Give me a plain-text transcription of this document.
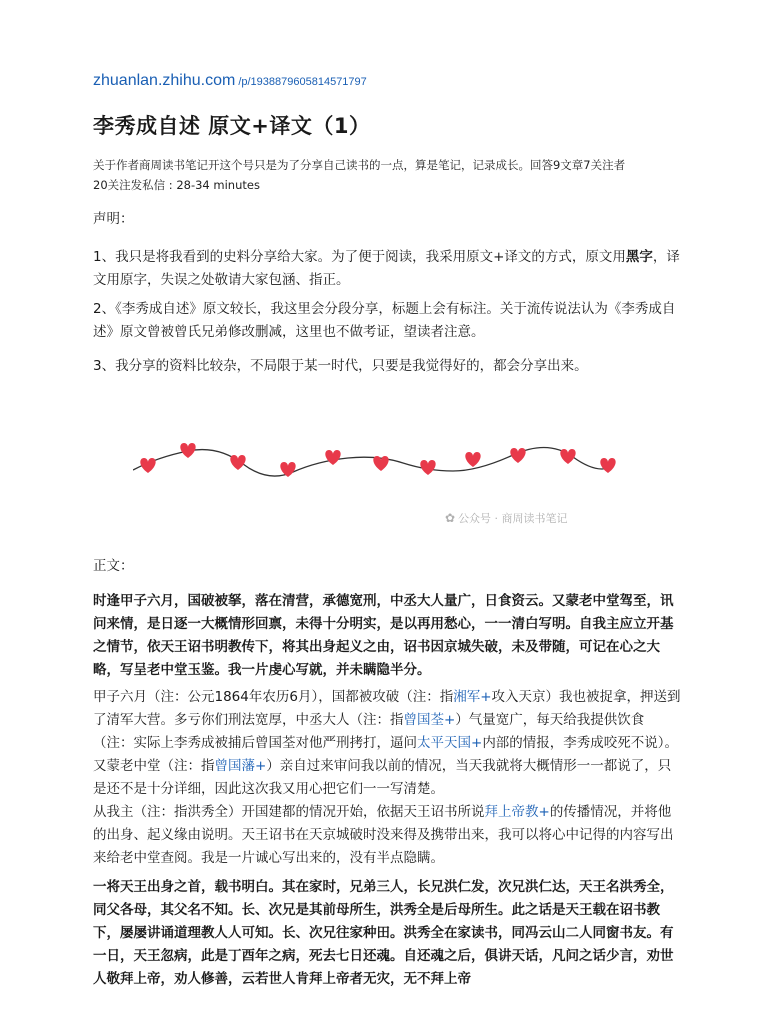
zhuanlan.zhihu.com /p/1938879605814571797
李秀成自述 原文+译文（1）
关于作者商周读书笔记开这个号只是为了分享自己读书的一点，算是笔记，记录成长。回答9文章7关注者
20关注发私信 : 28-34 minutes

声明：

1、我只是将我看到的史料分享给大家。为了便于阅读，我采用原文+译文的方式，原文用黑字，译文用原字，失误之处敬请大家包涵、指正。

2、《李秀成自述》原文较长，我这里会分段分享，标题上会有标注。关于流传说法认为《李秀成自述》原文曾被曾氏兄弟修改删减，这里也不做考证，望读者注意。

3、我分享的资料比较杂，不局限于某一时代，只要是我觉得好的，都会分享出来。

✿ 公众号 · 商周读书笔记

正文：

时逢甲子六月，国破被拏，落在清营，承德宽刑，中丞大人量广，日食资云。又蒙老中堂驾至，讯问来情，是日逐一大概情形回禀，未得十分明实，是以再用愁心，一一清白写明。自我主应立开基之情节，依天王诏书明教传下，将其出身起义之由，诏书因京城失破，未及带随，可记在心之大略，写呈老中堂玉鉴。我一片虔心写就，并未瞒隐半分。

甲子六月（注：公元1864年农历6月），国都被攻破（注：指湘军+攻入天京）我也被捉拿，押送到了清军大营。多亏你们刑法宽厚，中丞大人（注：指曾国荃+）气量宽广，每天给我提供饮食（注：实际上李秀成被捕后曾国荃对他严刑拷打，逼问太平天国+内部的情报，李秀成咬死不说）。又蒙老中堂（注：指曾国藩+）亲自过来审问我以前的情况，当天我就将大概情形一一都说了，只是还不是十分详细，因此这次我又用心把它们一一写清楚。

从我主（注：指洪秀全）开国建都的情况开始，依据天王诏书所说拜上帝教+的传播情况，并将他的出身、起义缘由说明。天王诏书在天京城破时没来得及携带出来，我可以将心中记得的内容写出来给老中堂查阅。我是一片诚心写出来的，没有半点隐瞒。

一将天王出身之首，载书明白。其在家时，兄弟三人，长兄洪仁发，次兄洪仁达，天王名洪秀全，同父各母，其父名不知。长、次兄是其前母所生，洪秀全是后母所生。此之话是天王载在诏书教下，屡屡讲诵道理教人人可知。长、次兄往家种田。洪秀全在家读书，同冯云山二人同窗书友。有一日，天王忽病，此是丁酉年之病，死去七日还魂。自还魂之后，俱讲天话，凡问之话少言，劝世人敬拜上帝，劝人修善，云若世人肯拜上帝者无灾，无不拜上帝
